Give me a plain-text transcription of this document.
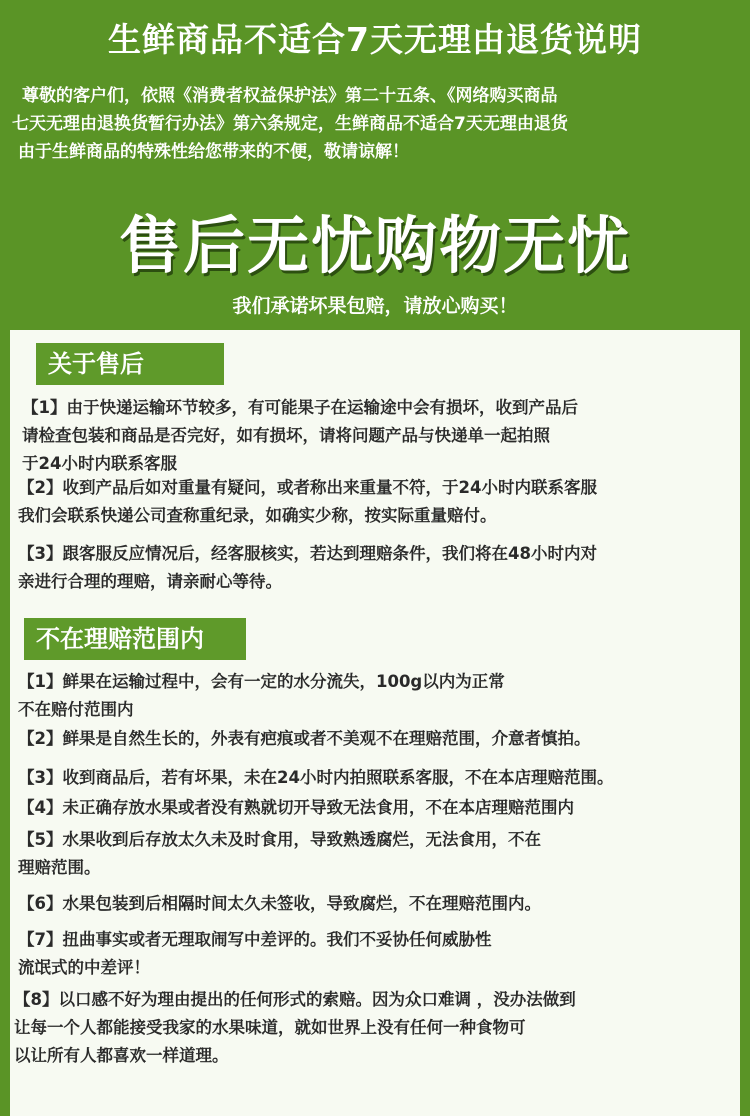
生鲜商品不适合7天无理由退货说明
尊敬的客户们，依照《消费者权益保护法》第二十五条、《网络购买商品
七天无理由退换货暂行办法》第六条规定，生鲜商品不适合7天无理由退货
由于生鲜商品的特殊性给您带来的不便，敬请谅解！
售后无忧购物无忧
我们承诺坏果包赔，请放心购买！
关于售后
【1】由于快递运输环节较多，有可能果子在运输途中会有损坏，收到产品后
请检查包装和商品是否完好，如有损坏，请将问题产品与快递单一起拍照
于24小时内联系客服
【2】收到产品后如对重量有疑问，或者称出来重量不符，于24小时内联系客服
我们会联系快递公司查称重纪录，如确实少称，按实际重量赔付。
【3】跟客服反应情况后，经客服核实，若达到理赔条件，我们将在48小时内对
亲进行合理的理赔，请亲耐心等待。
不在理赔范围内
【1】鲜果在运输过程中，会有一定的水分流失，100g以内为正常
不在赔付范围内
【2】鲜果是自然生长的，外表有疤痕或者不美观不在理赔范围，介意者慎拍。
【3】收到商品后，若有坏果，未在24小时内拍照联系客服，不在本店理赔范围。
【4】未正确存放水果或者没有熟就切开导致无法食用，不在本店理赔范围内
【5】水果收到后存放太久未及时食用，导致熟透腐烂，无法食用，不在
理赔范围。
【6】水果包装到后相隔时间太久未签收，导致腐烂，不在理赔范围内。
【7】扭曲事实或者无理取闹写中差评的。我们不妥协任何威胁性
流氓式的中差评！
【8】以口感不好为理由提出的任何形式的索赔。因为众口难调 ，没办法做到
让每一个人都能接受我家的水果味道，就如世界上没有任何一种食物可
以让所有人都喜欢一样道理。
